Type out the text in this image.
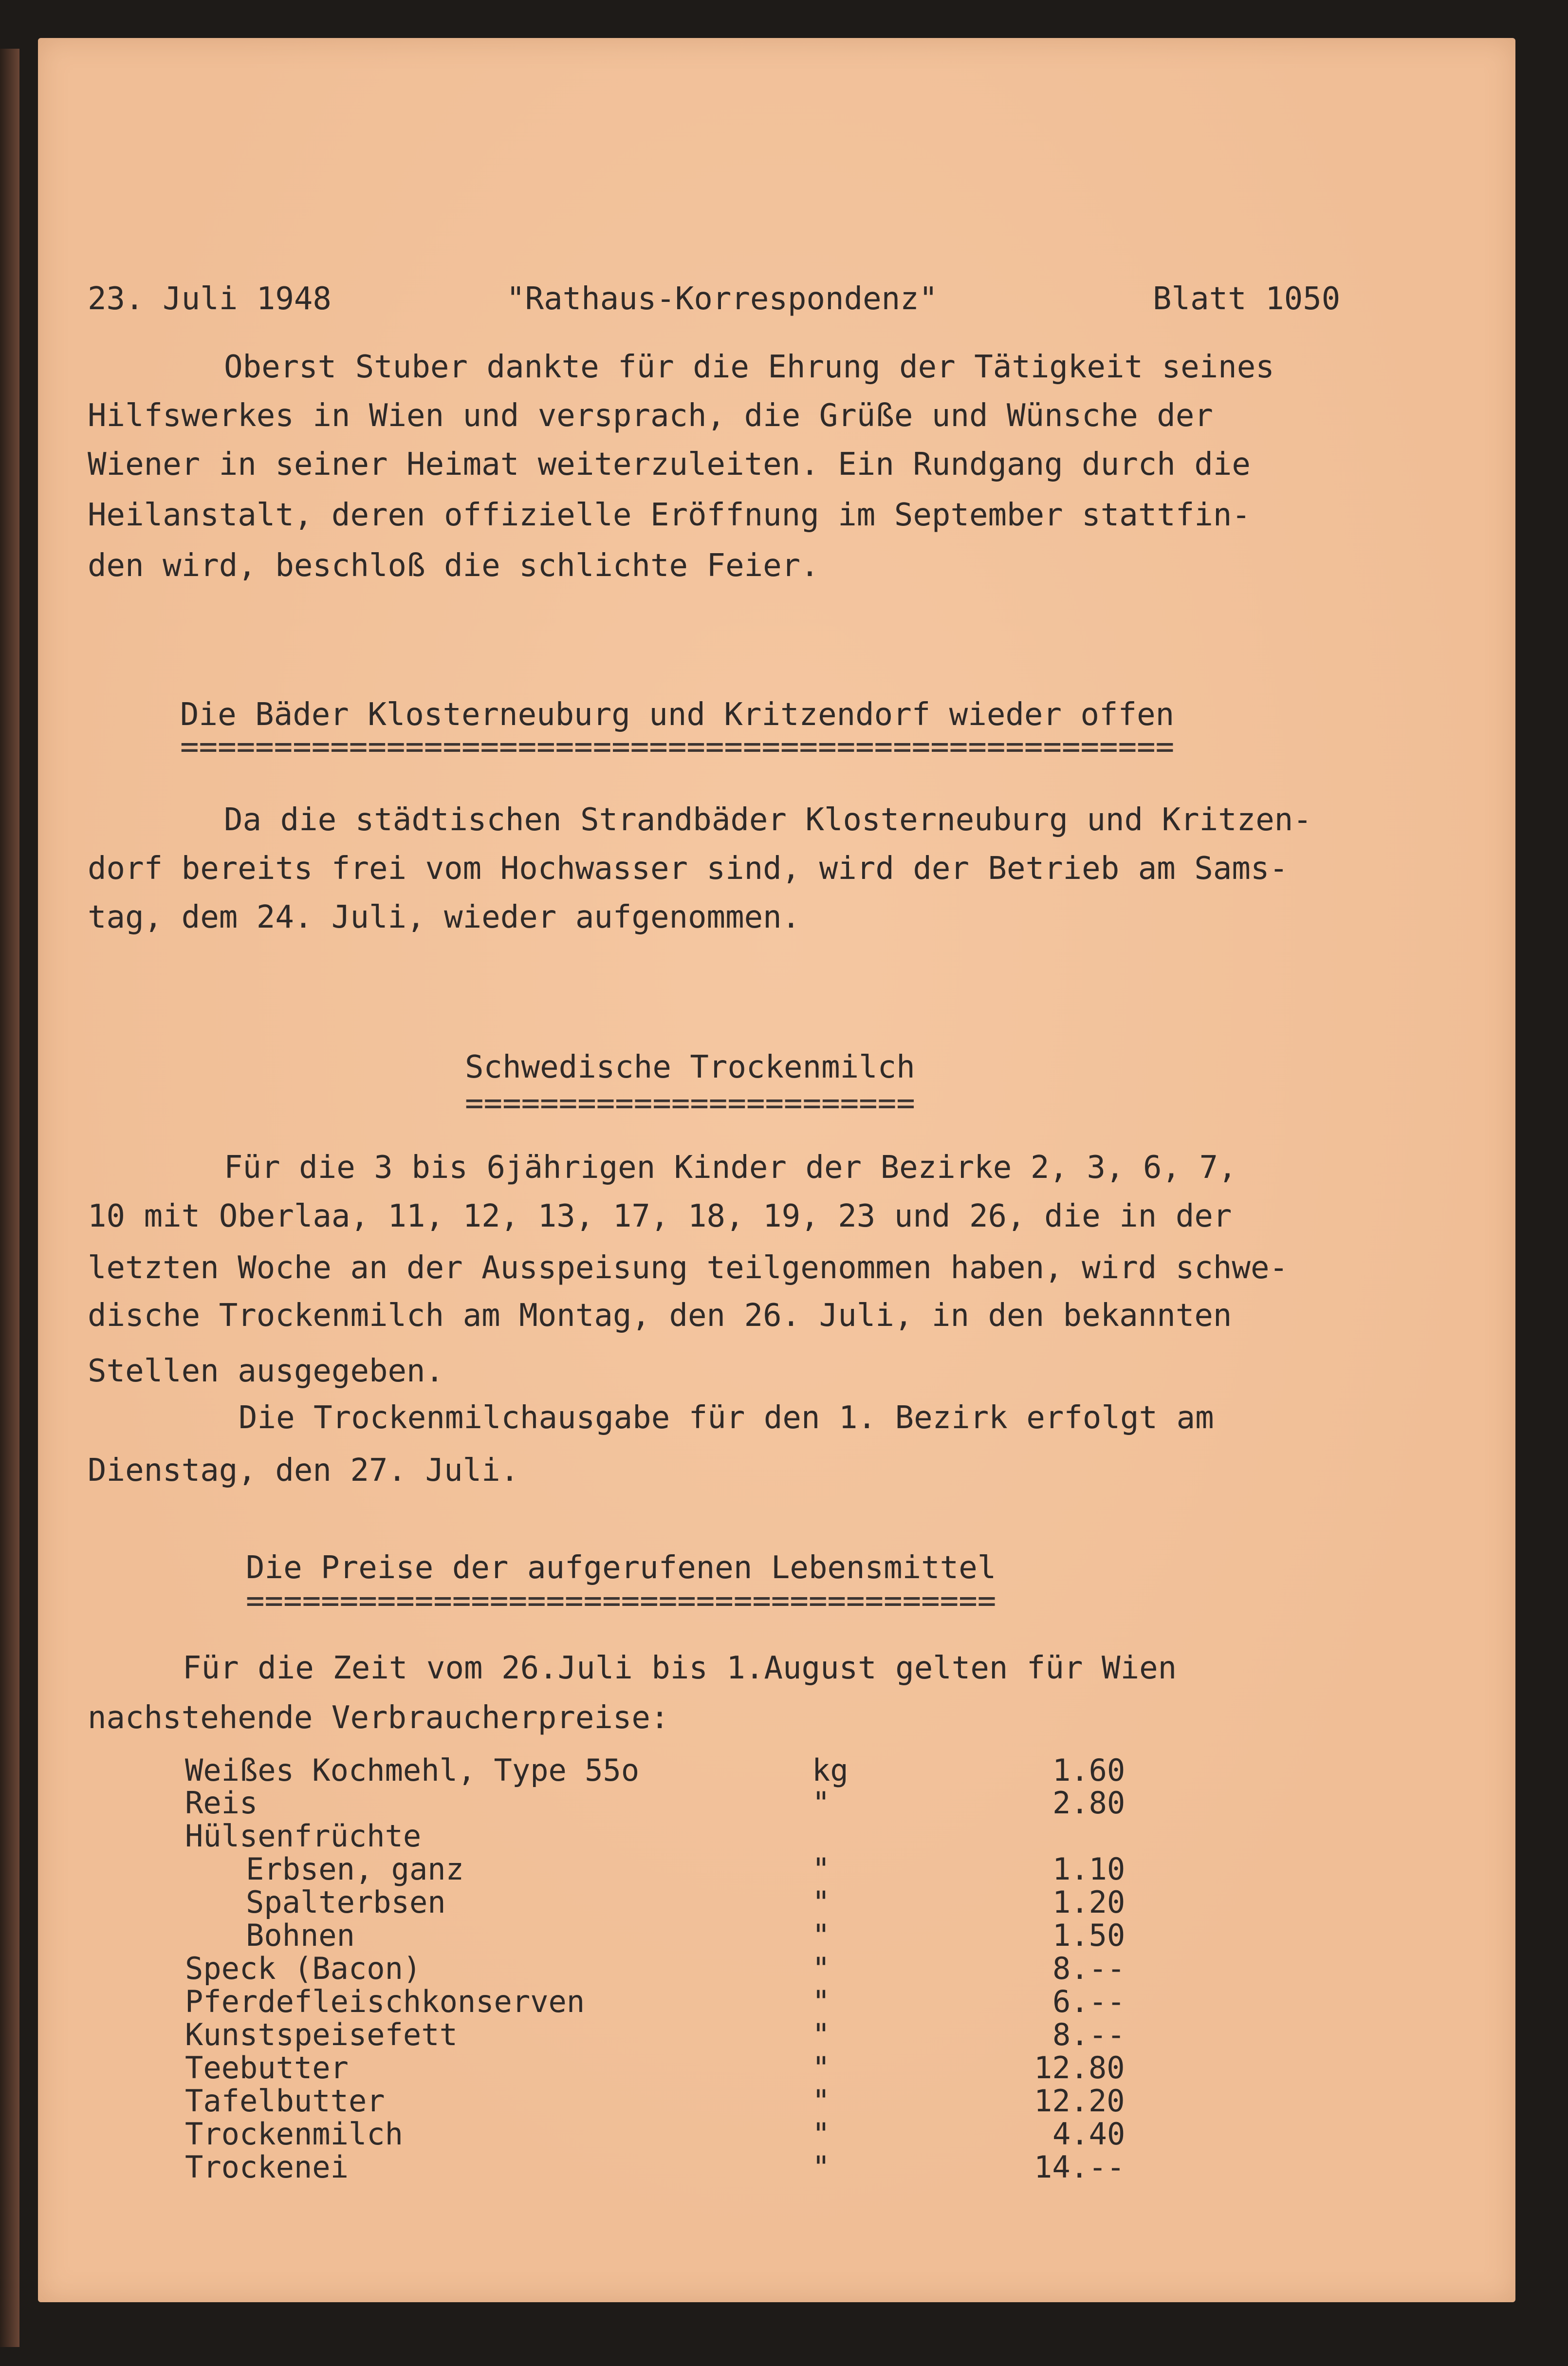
23. Juli 1948	"Rathaus-Korrespondenz"	Blatt 1050
Oberst Stuber dankte für die Ehrung der Tätigkeit seines
Hilfswerkes in Wien und versprach, die Grüße und Wünsche der
Wiener in seiner Heimat weiterzuleiten. Ein Rundgang durch die
Heilanstalt, deren offizielle Eröffnung im September stattfin-
den wird, beschloß die schlichte Feier.
Die Bäder Klosterneuburg und Kritzendorf wieder offen
=====================================================
Da die städtischen Strandbäder Klosterneuburg und Kritzen-
dorf bereits frei vom Hochwasser sind, wird der Betrieb am Sams-
tag, dem 24. Juli, wieder aufgenommen.
Schwedische Trockenmilch
========================
Für die 3 bis 6jährigen Kinder der Bezirke 2, 3, 6, 7,
10 mit Oberlaa, 11, 12, 13, 17, 18, 19, 23 und 26, die in der
letzten Woche an der Ausspeisung teilgenommen haben, wird schwe-
dische Trockenmilch am Montag, den 26. Juli, in den bekannten
Stellen ausgegeben.
Die Trockenmilchausgabe für den 1. Bezirk erfolgt am
Dienstag, den 27. Juli.
Die Preise der aufgerufenen Lebensmittel
========================================
Für die Zeit vom 26.Juli bis 1.August gelten für Wien
nachstehende Verbraucherpreise:
Weißes Kochmehl, Type 55o	kg	1.60
Reis	"	2.80
Hülsenfrüchte
Erbsen, ganz	"	1.10
Spalterbsen	"	1.20
Bohnen	"	1.50
Speck (Bacon)	"	8.--
Pferdefleischkonserven	"	6.--
Kunstspeisefett	"	8.--
Teebutter	"	12.80
Tafelbutter	"	12.20
Trockenmilch	"	4.40
Trockenei	"	14.--
